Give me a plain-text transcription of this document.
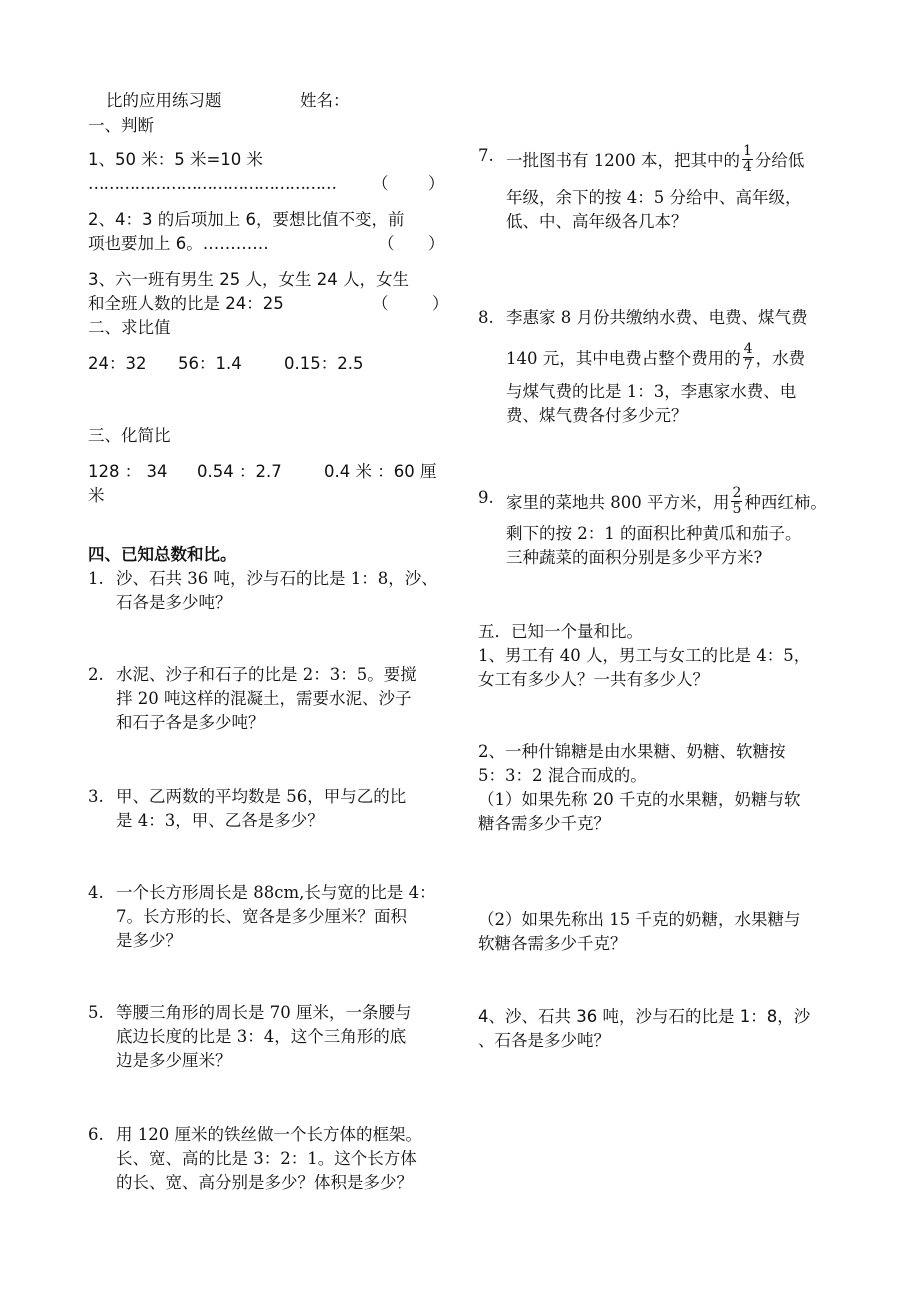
比的应用练习题	姓名：
一、判断
1、50 米：5 米=10 米
………………………………………… （ ）
2、4：3 的后项加上 6，要想比值不变，前
项也要加上 6。…………	（ ）
3、六一班有男生 25 人，女生 24 人，女生
和全班人数的比是 24：25	（	）
二、求比值
24：32 56：1.4	0.15：2.5
三、化简比
128 ： 34 0.54 ：2.7	0.4 米 ：60 厘
米
四、已知总数和比。
1. 沙、石共 36 吨，沙与石的比是 1：8，沙、
石各是多少吨？
2. 水泥、沙子和石子的比是 2：3：5。要搅
拌 20 吨这样的混凝土，需要水泥、沙子
和石子各是多少吨？
3. 甲、乙两数的平均数是 56，甲与乙的比
是 4：3，甲、乙各是多少？
4. 一个长方形周长是 88cm,长与宽的比是 4：
7。长方形的长、宽各是多少厘米？面积
是多少？
5. 等腰三角形的周长是 70 厘米，一条腰与
底边长度的比是 3：4，这个三角形的底
边是多少厘米？
6. 用 120 厘米的铁丝做一个长方体的框架。
长、宽、高的比是 3：2：1。这个长方体
的长、宽、高分别是多少？体积是多少？
7. 一批图书有 1200 本，把其中的 $\frac{1}{4}$ 分给低
年级，余下的按 4：5 分给中、高年级，
低、中、高年级各几本？
8. 李惠家 8 月份共缴纳水费、电费、煤气费
140 元，其中电费占整个费用的 $\frac{4}{7}$ ，水费
与煤气费的比是 1：3，李惠家水费、电
费、煤气费各付多少元？
9. 家里的菜地共 800 平方米，用 $\frac{2}{5}$ 种西红柿。
剩下的按 2：1 的面积比种黄瓜和茄子。
三种蔬菜的面积分别是多少平方米?
五．已知一个量和比。
1、男工有 40 人，男工与女工的比是 4：5，
女工有多少人？一共有多少人？
2、一种什锦糖是由水果糖、奶糖、软糖按
5：3：2 混合而成的。
（1）如果先称 20 千克的水果糖，奶糖与软
糖各需多少千克？
（2）如果先称出 15 千克的奶糖，水果糖与
软糖各需多少千克？
4、沙、石共 36 吨，沙与石的比是 1：8，沙
、石各是多少吨？
